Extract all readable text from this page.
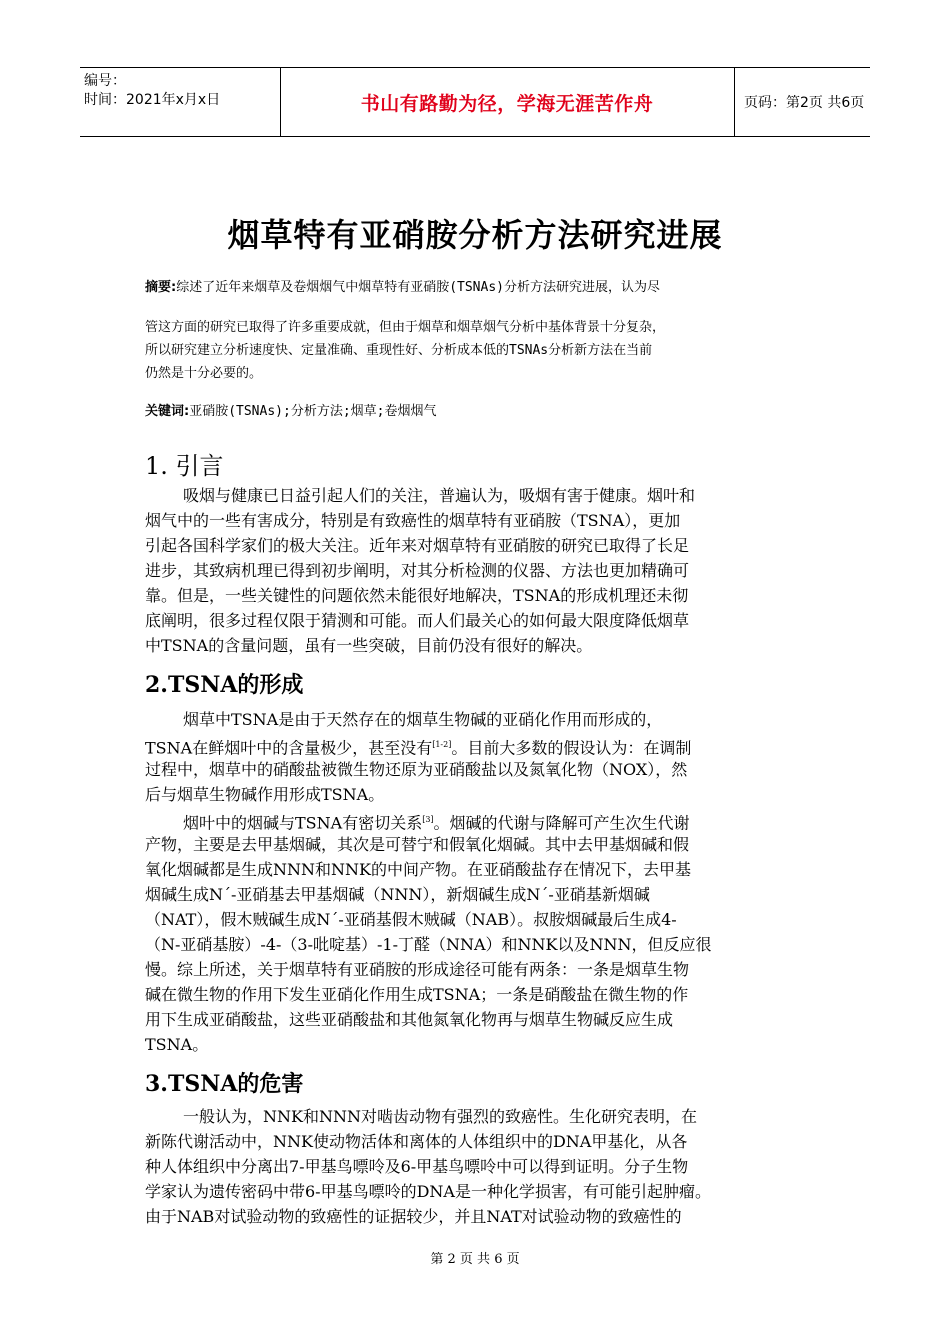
编号：
时间：2021年x月x日	书山有路勤为径，学海无涯苦作舟	页码：第2页 共6页
烟草特有亚硝胺分析方法研究进展
摘要:综述了近年来烟草及卷烟烟气中烟草特有亚硝胺(TSNAs)分析方法研究进展，认为尽
管这方面的研究已取得了许多重要成就，但由于烟草和烟草烟气分析中基体背景十分复杂，
所以研究建立分析速度快、定量准确、重现性好、分析成本低的TSNAs分析新方法在当前
仍然是十分必要的。
关键词:亚硝胺(TSNAs);分析方法;烟草;卷烟烟气
1. 引言
吸烟与健康已日益引起人们的关注，普遍认为，吸烟有害于健康。烟叶和
烟气中的一些有害成分，特别是有致癌性的烟草特有亚硝胺（TSNA），更加
引起各国科学家们的极大关注。近年来对烟草特有亚硝胺的研究已取得了长足
进步，其致病机理已得到初步阐明，对其分析检测的仪器、方法也更加精确可
靠。但是，一些关键性的问题依然未能很好地解决，TSNA的形成机理还未彻
底阐明，很多过程仅限于猜测和可能。而人们最关心的如何最大限度降低烟草
中TSNA的含量问题，虽有一些突破，目前仍没有很好的解决。
2.TSNA的形成
烟草中TSNA是由于天然存在的烟草生物碱的亚硝化作用而形成的，
TSNA在鲜烟叶中的含量极少，甚至没有[1-2]。目前大多数的假设认为：在调制
过程中，烟草中的硝酸盐被微生物还原为亚硝酸盐以及氮氧化物（NOX），然
后与烟草生物碱作用形成TSNA。
烟叶中的烟碱与TSNA有密切关系[3]。烟碱的代谢与降解可产生次生代谢
产物，主要是去甲基烟碱，其次是可替宁和假氧化烟碱。其中去甲基烟碱和假
氧化烟碱都是生成NNN和NNK的中间产物。在亚硝酸盐存在情况下，去甲基
烟碱生成N´-亚硝基去甲基烟碱（NNN），新烟碱生成N´-亚硝基新烟碱
（NAT），假木贼碱生成N´-亚硝基假木贼碱（NAB）。叔胺烟碱最后生成4-
（N-亚硝基胺）-4-（3-吡啶基）-1-丁醛（NNA）和NNK以及NNN，但反应很
慢。综上所述，关于烟草特有亚硝胺的形成途径可能有两条：一条是烟草生物
碱在微生物的作用下发生亚硝化作用生成TSNA；一条是硝酸盐在微生物的作
用下生成亚硝酸盐，这些亚硝酸盐和其他氮氧化物再与烟草生物碱反应生成
TSNA。
3.TSNA的危害
一般认为，NNK和NNN对啮齿动物有强烈的致癌性。生化研究表明，在
新陈代谢活动中，NNK使动物活体和离体的人体组织中的DNA甲基化，从各
种人体组织中分离出7-甲基鸟嘌呤及6-甲基鸟嘌呤中可以得到证明。分子生物
学家认为遗传密码中带6-甲基鸟嘌呤的DNA是一种化学损害，有可能引起肿瘤。
由于NAB对试验动物的致癌性的证据较少，并且NAT对试验动物的致癌性的
第 2 页 共 6 页
